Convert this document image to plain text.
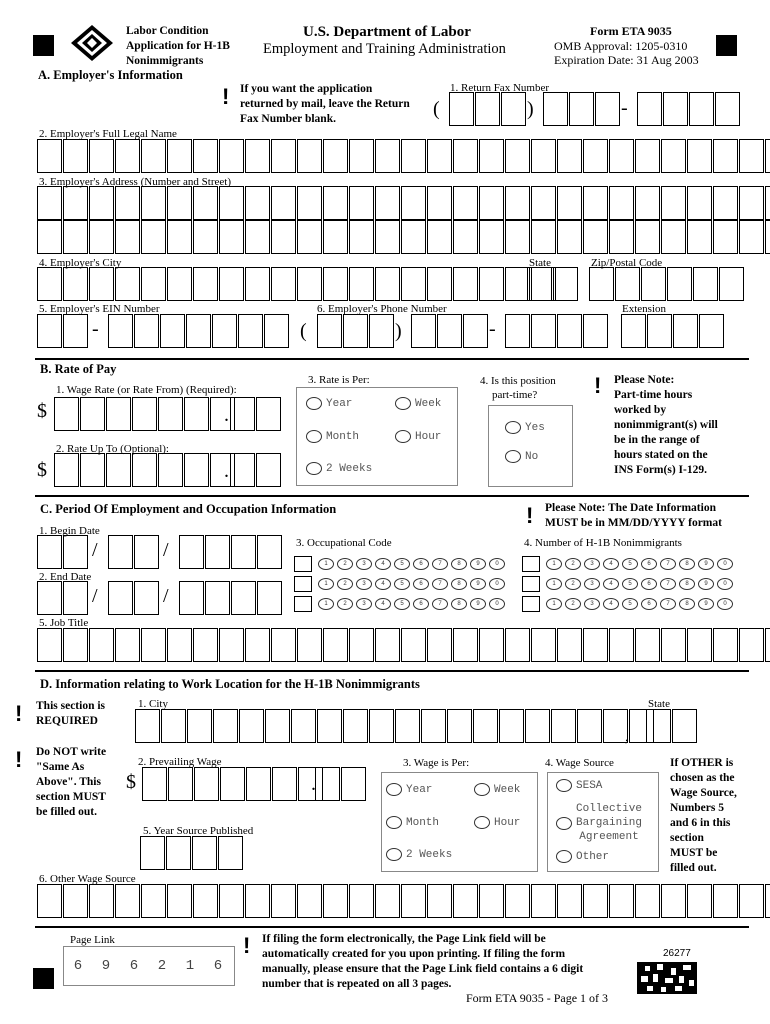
Labor Condition
Application for H-1B
Nonimmigrants
U.S. Department of Labor
Employment and Training Administration
Form ETA 9035
OMB Approval: 1205-0310
Expiration Date: 31 Aug 2003
A. Employer's Information
! If you want the application
returned by mail, leave the Return
Fax Number blank.
1. Return Fax Number
(	)	-
2. Employer's Full Legal Name
3. Employer's Address (Number and Street)
4. Employer's City	State	Zip/Postal Code
5. Employer's EIN Number	6. Employer's Phone Number	Extension
-	(	)	-
B. Rate of Pay
1. Wage Rate (or Rate From) (Required):
$	.
2. Rate Up To (Optional):
$	.
3. Rate is Per:
Year	Week
Month	Hour
2 Weeks
4. Is this position
part-time?
Yes
No
! Please Note:
Part-time hours
worked by
nonimmigrant(s) will
be in the range of
hours stated on the
INS Form(s) I-129.
C. Period Of Employment and Occupation Information	! Please Note: The Date Information
MUST be in MM/DD/YYYY format
1. Begin Date
/	/
2. End Date
/	/
3. Occupational Code	4. Number of H-1B Nonimmigrants
1	2	3	4	5	6	7	8	9	0
1	2	3	4	5	6	7	8	9	0
1	2	3	4	5	6	7	8	9	0
1	2	3	4	5	6	7	8	9	0
1	2	3	4	5	6	7	8	9	0
1	2	3	4	5	6	7	8	9	0
5. Job Title
D. Information relating to Work Location for the H-1B Nonimmigrants
! This section is
REQUIRED
! Do NOT write
"Same As
Above". This
section MUST
be filled out.
1. City	State
,
2. Prevailing Wage
$	.
5. Year Source Published
3. Wage is Per:
Year	Week
Month	Hour
2 Weeks
4. Wage Source
SESA
Collective
Bargaining
Agreement
Other
If OTHER is
chosen as the
Wage Source,
Numbers 5
and 6 in this
section
MUST be
filled out.
6. Other Wage Source
Page Link
6	9	6	2	1	6
! If filing the form electronically, the Page Link field will be
automatically created for you upon printing. If filing the form
manually, please ensure that the Page Link field contains a 6 digit
number that is repeated on all 3 pages.
26277
Form ETA 9035 - Page 1 of 3
